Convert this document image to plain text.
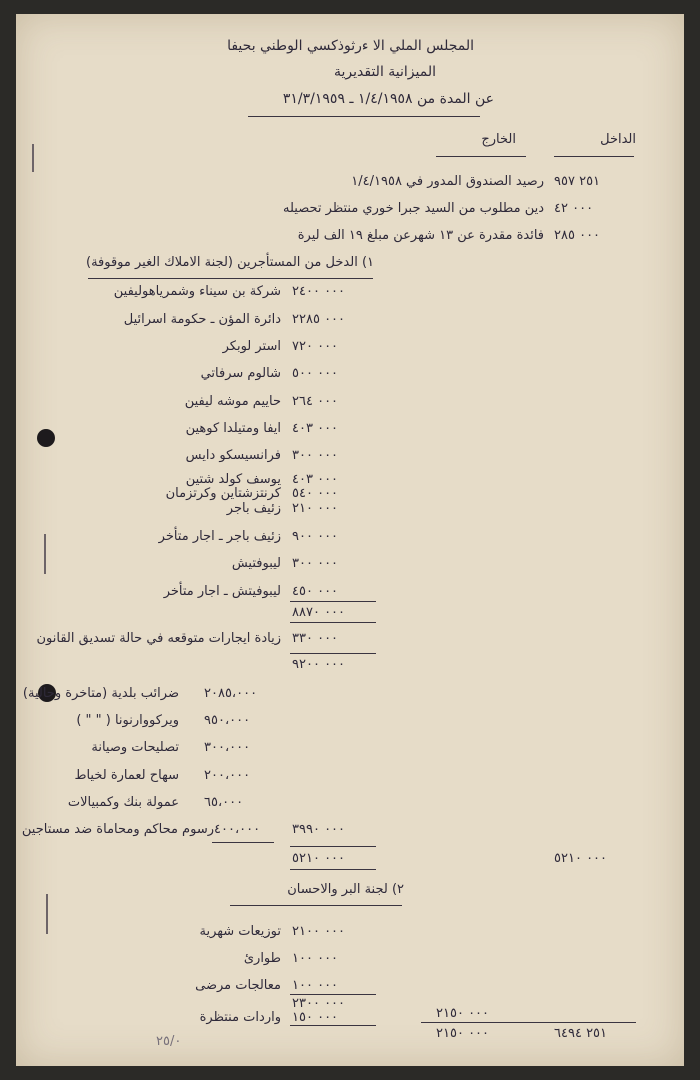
المجلس الملي الا ءرثوذكسي الوطني بحيفا
الميزانية التقديرية
عن المدة من ١/٤/١٩٥٨ ـ ٣١/٣/١٩٥٩
الداخل
الخارج
رصيد الصندوق المدور في ١/٤/١٩٥٨ ٢٥١ ٩٥٧
دين مطلوب من السيد جبرا خوري منتظر تحصيله ٠٠٠ ٤٢
فائدة مقدرة عن ١٣ شهرعن مبلغ ١٩ الف ليرة ٠٠٠ ٢٨٥
١) الدخل من المستأجرين (لجنة الاملاك الغير موقوفة)
شركة بن سيناء وشمرياهوليفين ٠٠٠ ٢٤٠٠
دائرة المؤن ـ حكومة اسرائيل ٠٠٠ ٢٢٨٥
استر لوبكر ٠٠٠ ٧٢٠
شالوم سرفاتي ٠٠٠ ٥٠٠
حاييم موشه ليفين ٠٠٠ ٢٦٤
ايفا ومتيلدا كوهين ٠٠٠ ٤٠٣
فرانسيسكو دايس ٠٠٠ ٣٠٠
يوسف كولد شتين ٠٠٠ ٤٠٣
كرنتزشتاين وكرتزمان ٠٠٠ ٥٤٠
زئيف باجر ٠٠٠ ٢١٠
زئيف باجر ـ اجار متأخر ٠٠٠ ٩٠٠
ليبوفتيش ٠٠٠ ٣٠٠
ليبوفيتش ـ اجار متأخر ٠٠٠ ٤٥٠
٠٠٠ ٨٨٧٠
زيادة ايجارات متوقعه في حالة تسديق القانون ٠٠٠ ٣٣٠
٠٠٠ ٩٢٠٠
ضرائب بلدية (متاخرة وحالية) ٢٠٨٥،٠٠٠
ويركووارنونا ( " " ) ٩٥٠،٠٠٠
تصليحات وصيانة ٣٠٠،٠٠٠
سهاح لعمارة لخياط ٢٠٠،٠٠٠
عمولة بنك وكمبيالات ٦٥،٠٠٠
رسوم محاكم ومحاماة ضد مستاجين ٤٠٠،٠٠٠ ٠٠٠ ٣٩٩٠
٠٠٠ ٥٢١٠	٠٠٠ ٥٢١٠
٢) لجنة البر والاحسان
توزيعات شهرية ٠٠٠ ٢١٠٠
طوارئ ٠٠٠ ١٠٠
معالجات مرضى ٠٠٠ ١٠٠
٠٠٠ ٢٣٠٠
واردات منتظرة ٠٠٠ ١٥٠	٠٠٠ ٢١٥٠
٠٠٠ ٢١٥٠	٢٥١ ٦٤٩٤
٢٥/٠
